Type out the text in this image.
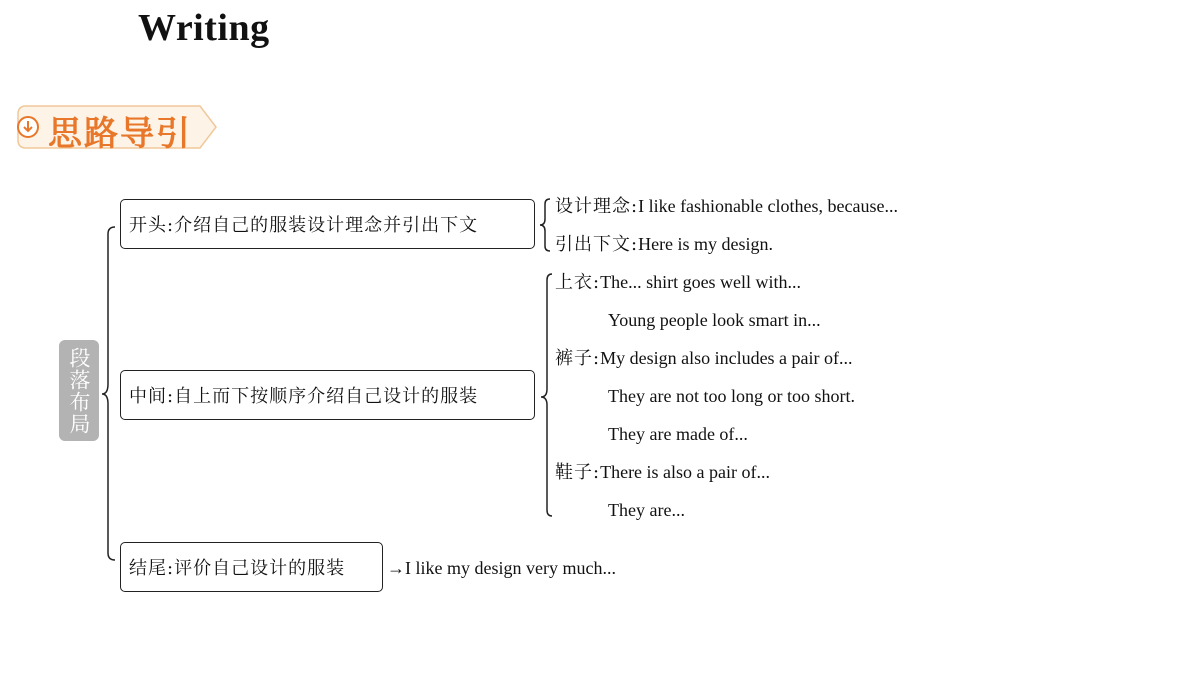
Writing
思路导引
段落布局
开头:介绍自己的服装设计理念并引出下文
中间:自上而下按顺序介绍自己设计的服装
结尾:评价自己设计的服装
设计理念:I like fashionable clothes, because...
引出下文:Here is my design.
上衣:The... shirt goes well with...
Young people look smart in...
裤子:My design also includes a pair of...
They are not too long or too short.
They are made of...
鞋子:There is also a pair of...
They are...
→I like my design very much...
